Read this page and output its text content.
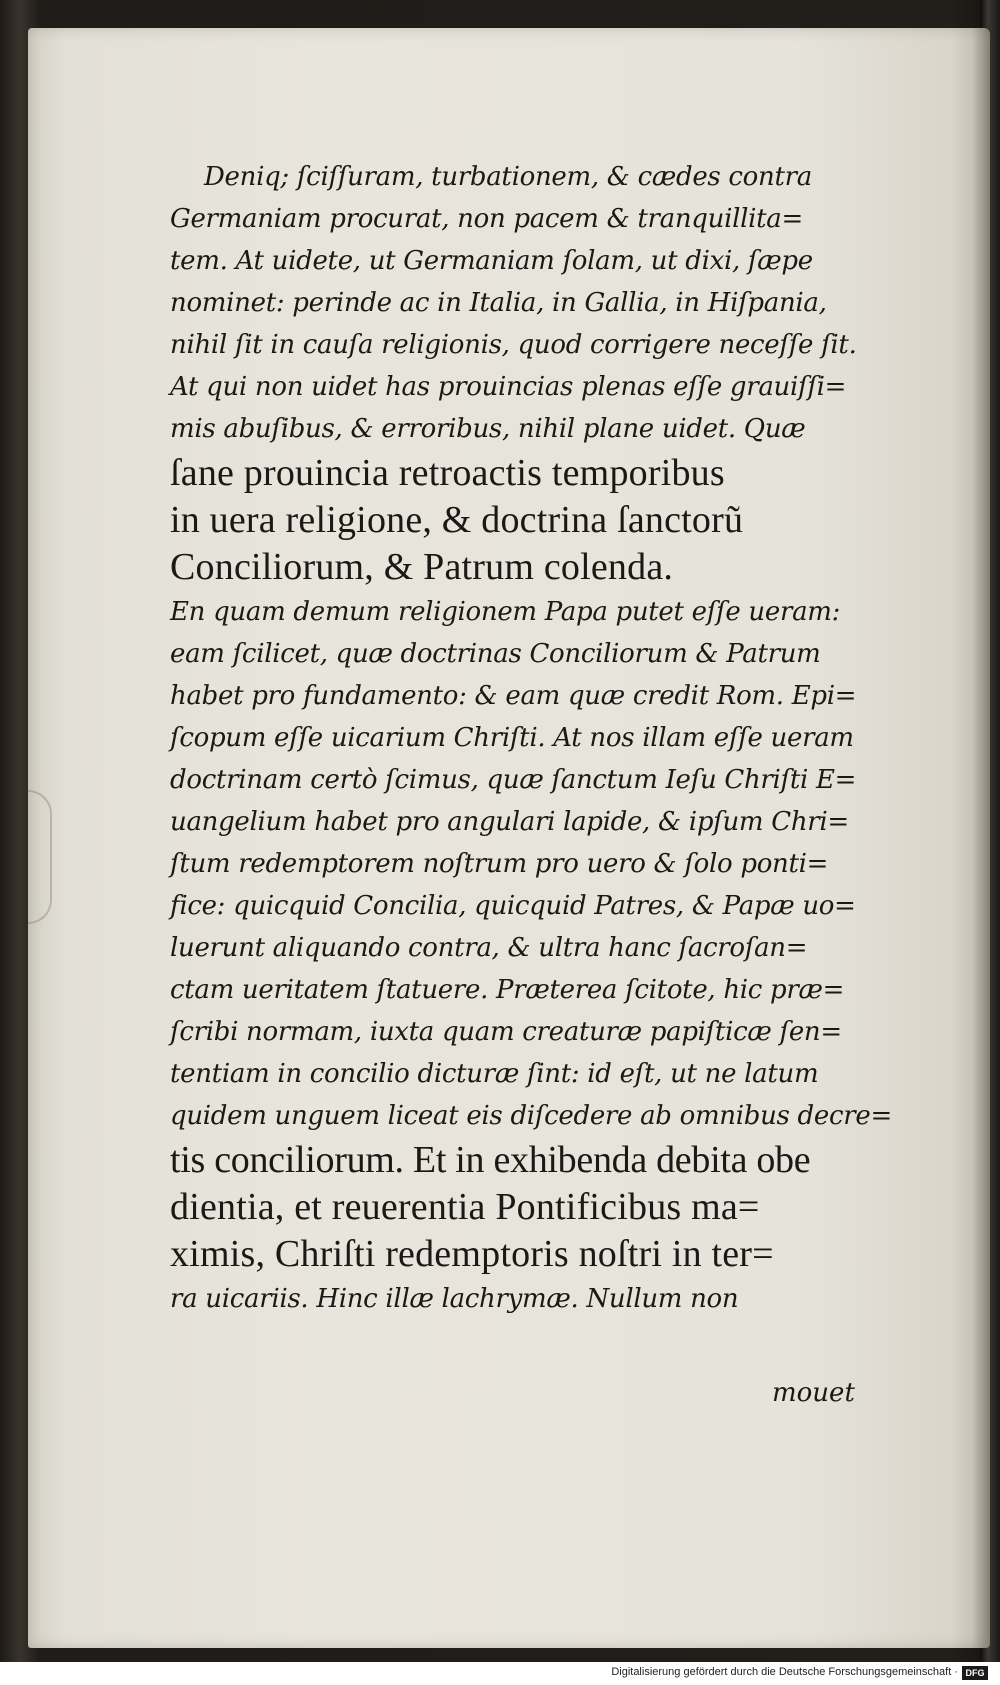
Deniq; ſciſſuram, turbationem, & cædes contra
Germaniam procurat, non pacem & tranquillita=
tem. At uidete, ut Germaniam ſolam, ut dixi, ſæpe
nominet: perinde ac in Italia, in Gallia, in Hiſpania,
nihil ſit in cauſa religionis, quod corrigere neceſſe ſit.
At qui non uidet has prouincias plenas eſſe grauiſſi=
mis abuſibus, & erroribus, nihil plane uidet. Quæ
ſane prouincia retroactis temporibus
in uera religione, & doctrina ſanctorũ
Conciliorum, & Patrum colenda.
En quam demum religionem Papa putet eſſe ueram:
eam ſcilicet, quæ doctrinas Conciliorum & Patrum
habet pro fundamento: & eam quæ credit Rom. Epi=
ſcopum eſſe uicarium Chriſti. At nos illam eſſe ueram
doctrinam certò ſcimus, quæ ſanctum Ieſu Chriſti E=
uangelium habet pro angulari lapide, & ipſum Chri=
ſtum redemptorem noſtrum pro uero & ſolo ponti=
fice: quicquid Concilia, quicquid Patres, & Papæ uo=
luerunt aliquando contra, & ultra hanc ſacroſan=
ctam ueritatem ſtatuere. Præterea ſcitote, hic præ=
ſcribi normam, iuxta quam creaturæ papiſticæ ſen=
tentiam in concilio dicturæ ſint: id eſt, ut ne latum
quidem unguem liceat eis diſcedere ab omnibus decre=
tis conciliorum. Et in exhibenda debita obe
dientia, et reuerentia Pontificibus ma=
ximis, Chriſti redemptoris noſtri in ter=
ra uicariis. Hinc illæ lachrymæ. Nullum non
mouet
Digitalisierung gefördert durch die Deutsche Forschungsgemeinschaft · DFG
